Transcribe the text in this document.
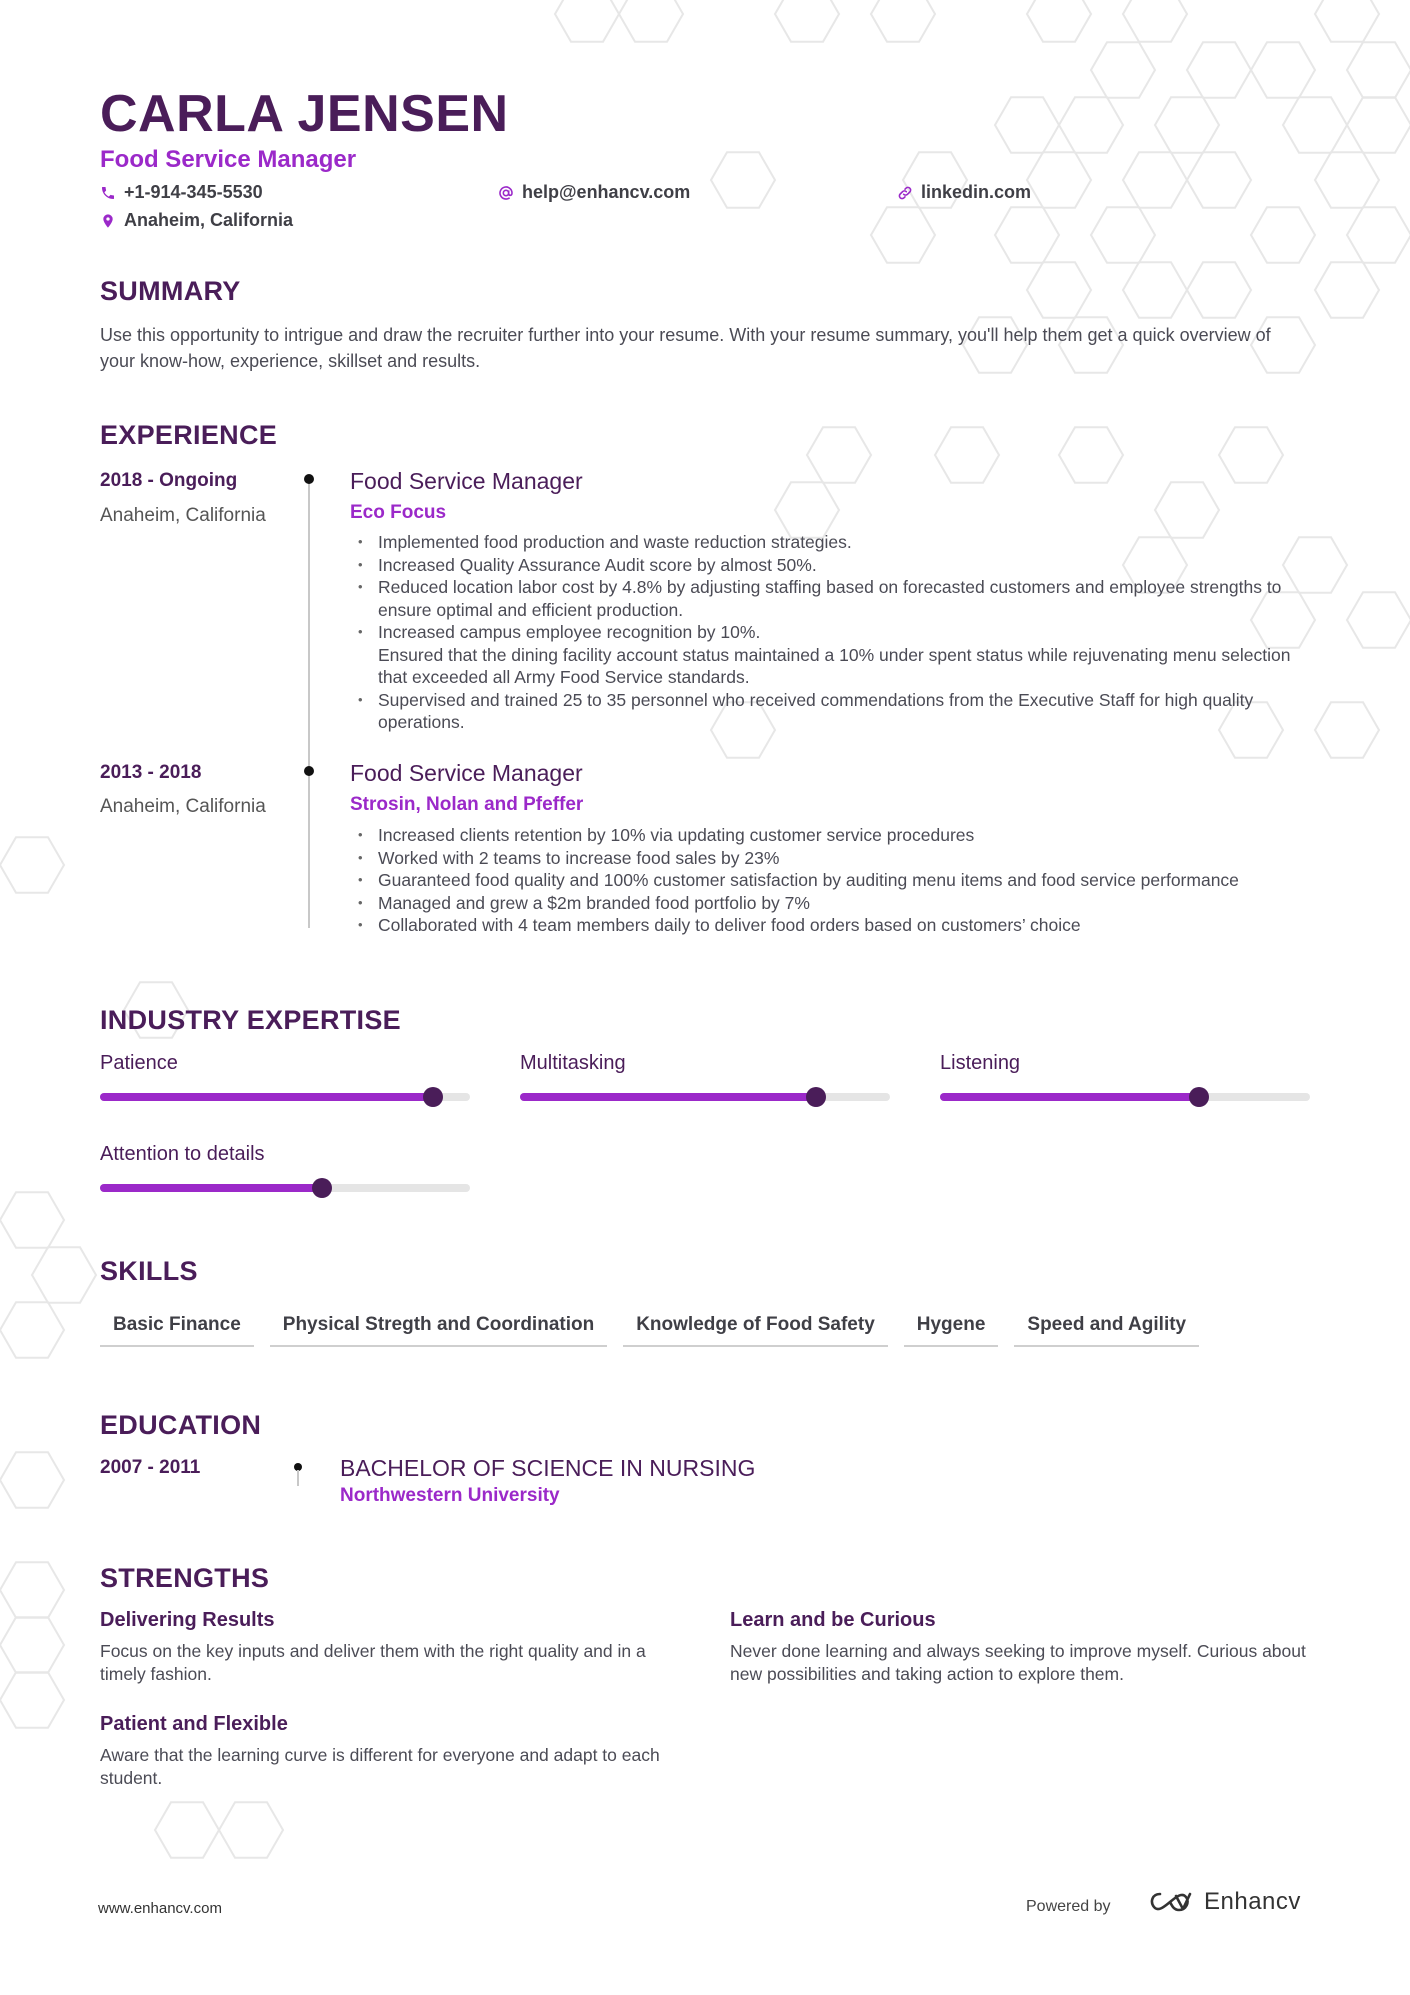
CARLA JENSEN
Food Service Manager
+1-914-345-5530	help@enhancv.com	linkedin.com
Anaheim, California
SUMMARY
Use this opportunity to intrigue and draw the recruiter further into your resume. With your resume summary, you'll help them get a quick overview of your know-how, experience, skillset and results.
EXPERIENCE
2018 - Ongoing
Anaheim, California
Food Service Manager
Eco Focus
• Implemented food production and waste reduction strategies.
• Increased Quality Assurance Audit score by almost 50%.
• Reduced location labor cost by 4.8% by adjusting staffing based on forecasted customers and employee strengths to ensure optimal and efficient production.
• Increased campus employee recognition by 10%.
Ensured that the dining facility account status maintained a 10% under spent status while rejuvenating menu selection that exceeded all Army Food Service standards.
• Supervised and trained 25 to 35 personnel who received commendations from the Executive Staff for high quality operations.
2013 - 2018
Anaheim, California
Food Service Manager
Strosin, Nolan and Pfeffer
• Increased clients retention by 10% via updating customer service procedures
• Worked with 2 teams to increase food sales by 23%
• Guaranteed food quality and 100% customer satisfaction by auditing menu items and food service performance
• Managed and grew a $2m branded food portfolio by 7%
• Collaborated with 4 team members daily to deliver food orders based on customers’ choice
INDUSTRY EXPERTISE
Patience	Multitasking	Listening
Attention to details
SKILLS
Basic Finance	Physical Stregth and Coordination	Knowledge of Food Safety	Hygene	Speed and Agility
EDUCATION
2007 - 2011	BACHELOR OF SCIENCE IN NURSING
Northwestern University
STRENGTHS
Delivering Results
Focus on the key inputs and deliver them with the right quality and in a timely fashion.
Learn and be Curious
Never done learning and always seeking to improve myself. Curious about new possibilities and taking action to explore them.
Patient and Flexible
Aware that the learning curve is different for everyone and adapt to each student.
www.enhancv.com	Powered by	Enhancv
